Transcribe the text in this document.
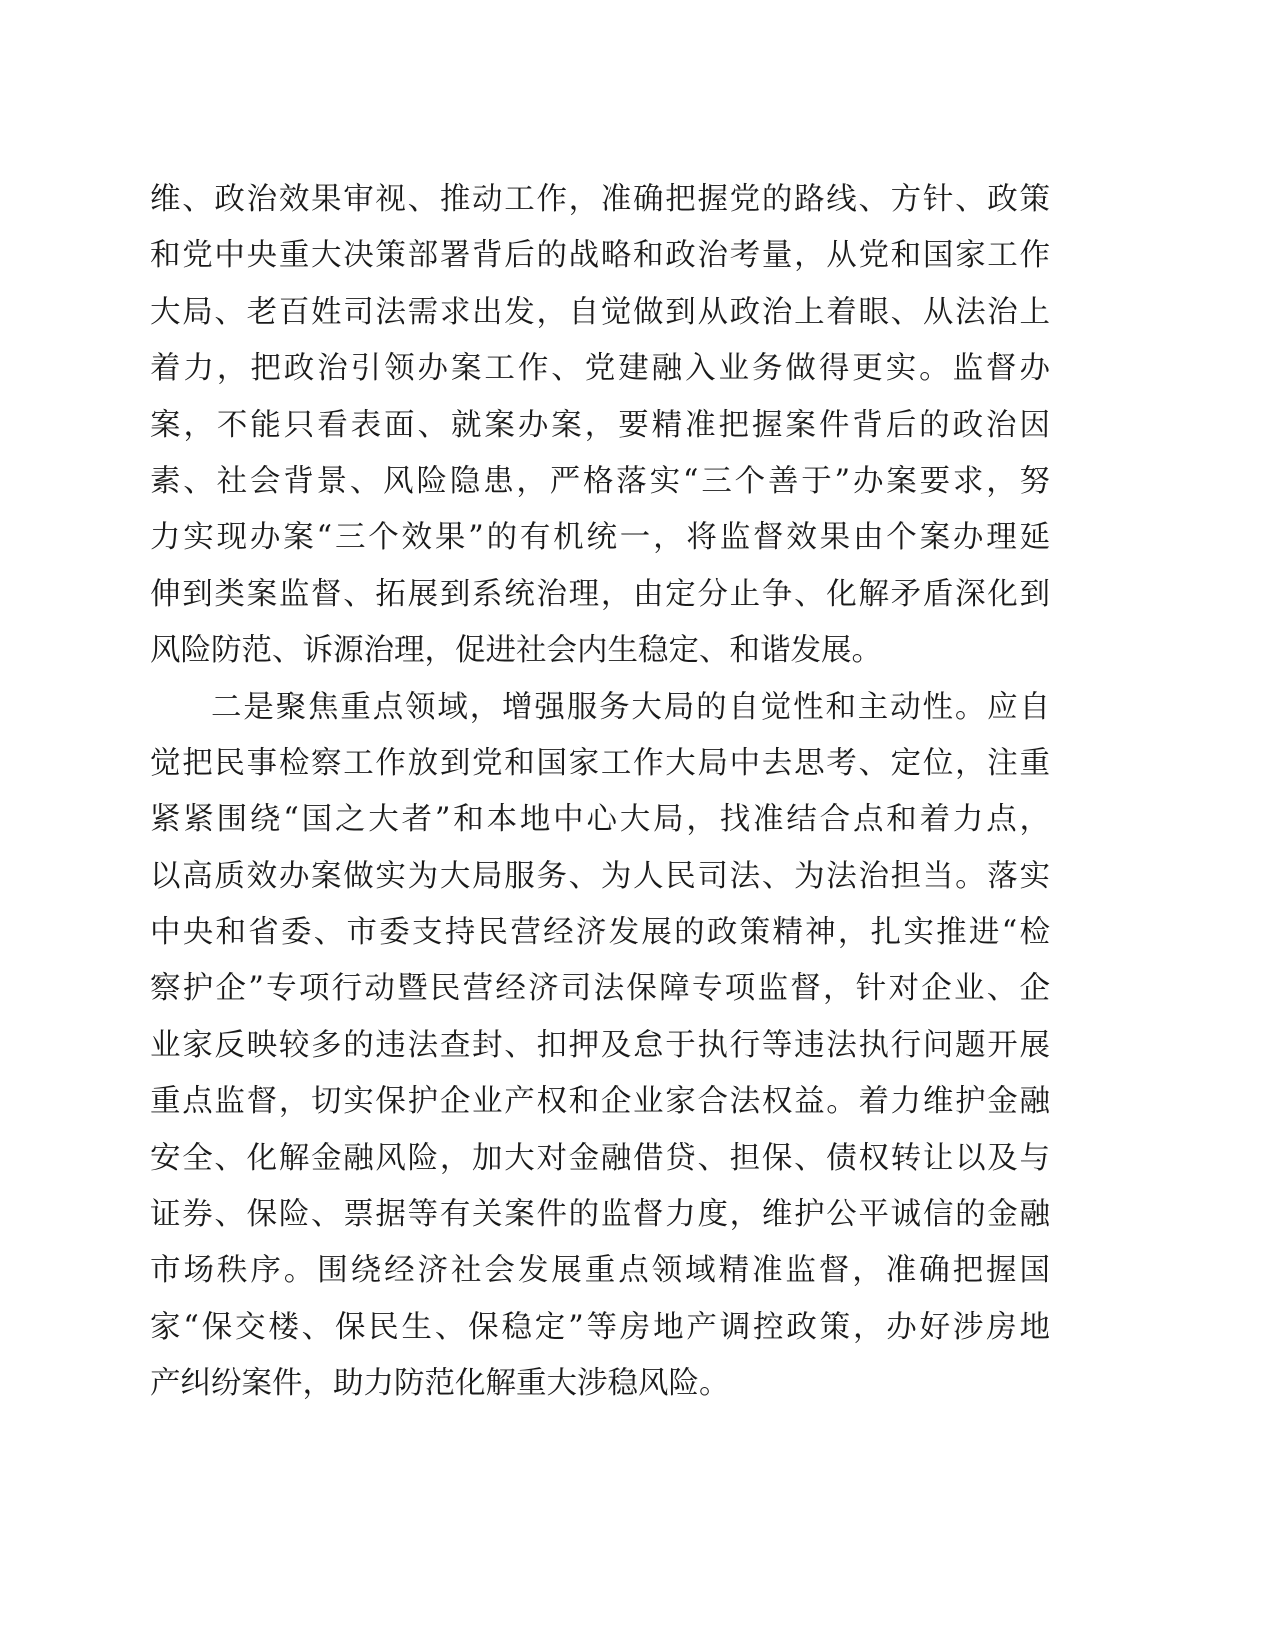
维、政治效果审视、推动工作，准确把握党的路线、方针、政策
和党中央重大决策部署背后的战略和政治考量，从党和国家工作
大局、老百姓司法需求出发，自觉做到从政治上着眼、从法治上
着力，把政治引领办案工作、党建融入业务做得更实。监督办
案，不能只看表面、就案办案，要精准把握案件背后的政治因
素、社会背景、风险隐患，严格落实“三个善于”办案要求，努
力实现办案“三个效果”的有机统一，将监督效果由个案办理延
伸到类案监督、拓展到系统治理，由定分止争、化解矛盾深化到
风险防范、诉源治理，促进社会内生稳定、和谐发展。
二是聚焦重点领域，增强服务大局的自觉性和主动性。应自
觉把民事检察工作放到党和国家工作大局中去思考、定位，注重
紧紧围绕“国之大者”和本地中心大局，找准结合点和着力点，
以高质效办案做实为大局服务、为人民司法、为法治担当。落实
中央和省委、市委支持民营经济发展的政策精神，扎实推进“检
察护企”专项行动暨民营经济司法保障专项监督，针对企业、企
业家反映较多的违法查封、扣押及怠于执行等违法执行问题开展
重点监督，切实保护企业产权和企业家合法权益。着力维护金融
安全、化解金融风险，加大对金融借贷、担保、债权转让以及与
证券、保险、票据等有关案件的监督力度，维护公平诚信的金融
市场秩序。围绕经济社会发展重点领域精准监督，准确把握国
家“保交楼、保民生、保稳定”等房地产调控政策，办好涉房地
产纠纷案件，助力防范化解重大涉稳风险。
